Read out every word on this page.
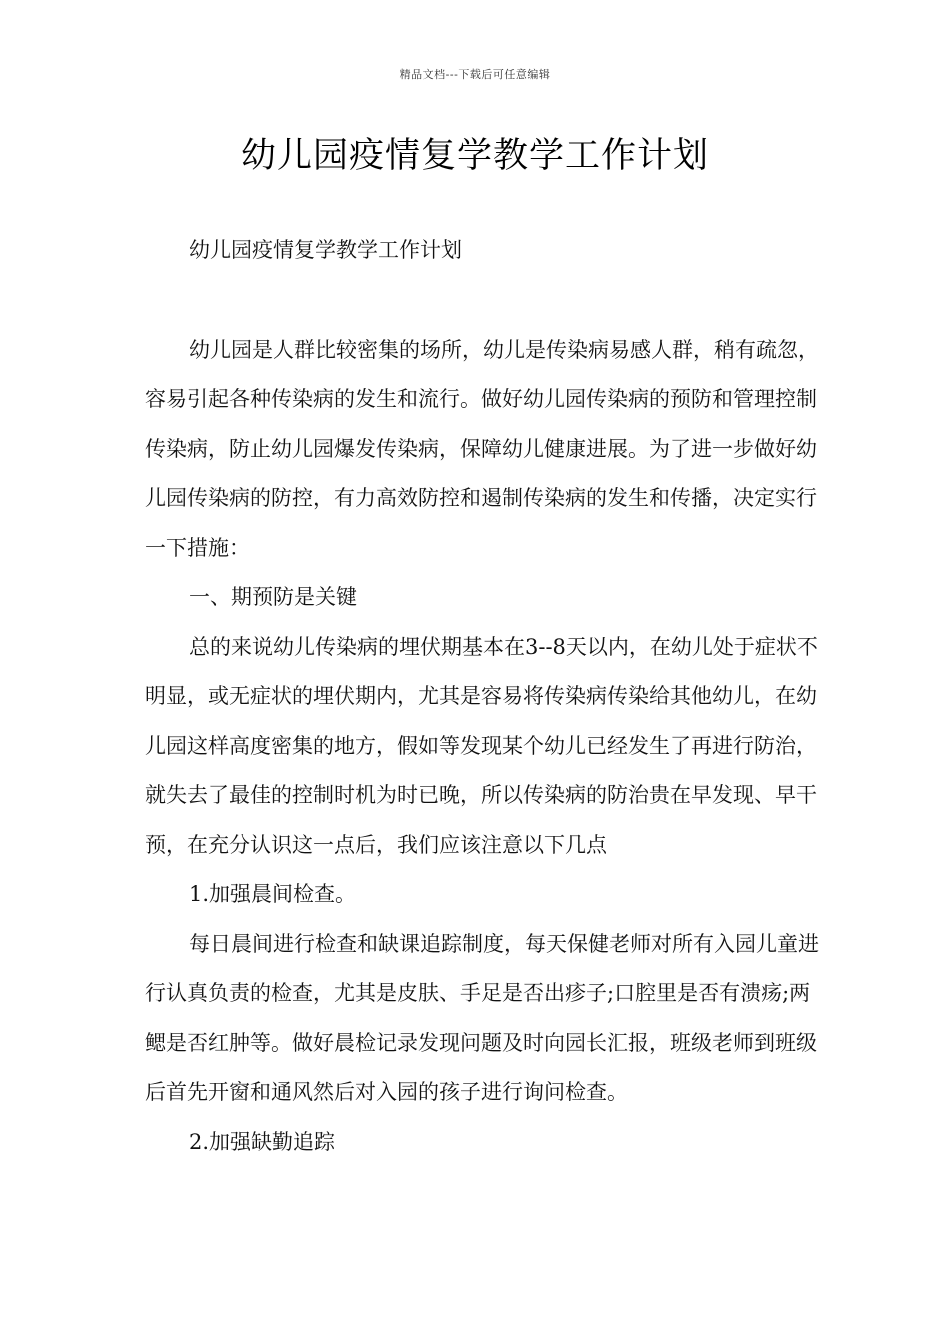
精品文档---下载后可任意编辑
幼儿园疫情复学教学工作计划

幼儿园疫情复学教学工作计划

幼儿园是人群比较密集的场所，幼儿是传染病易感人群，稍有疏忽，容易引起各种传染病的发生和流行。做好幼儿园传染病的预防和管理控制传染病，防止幼儿园爆发传染病，保障幼儿健康进展。为了进一步做好幼儿园传染病的防控，有力高效防控和遏制传染病的发生和传播，决定实行一下措施：

一、期预防是关键

总的来说幼儿传染病的埋伏期基本在3--8天以内，在幼儿处于症状不明显，或无症状的埋伏期内，尤其是容易将传染病传染给其他幼儿，在幼儿园这样高度密集的地方，假如等发现某个幼儿已经发生了再进行防治，就失去了最佳的控制时机为时已晚，所以传染病的防治贵在早发现、早干预，在充分认识这一点后，我们应该注意以下几点

1.加强晨间检查。

每日晨间进行检查和缺课追踪制度，每天保健老师对所有入园儿童进行认真负责的检查，尤其是皮肤、手足是否出疹子;口腔里是否有溃疡;两鳃是否红肿等。做好晨检记录发现问题及时向园长汇报，班级老师到班级后首先开窗和通风然后对入园的孩子进行询问检查。

2.加强缺勤追踪
